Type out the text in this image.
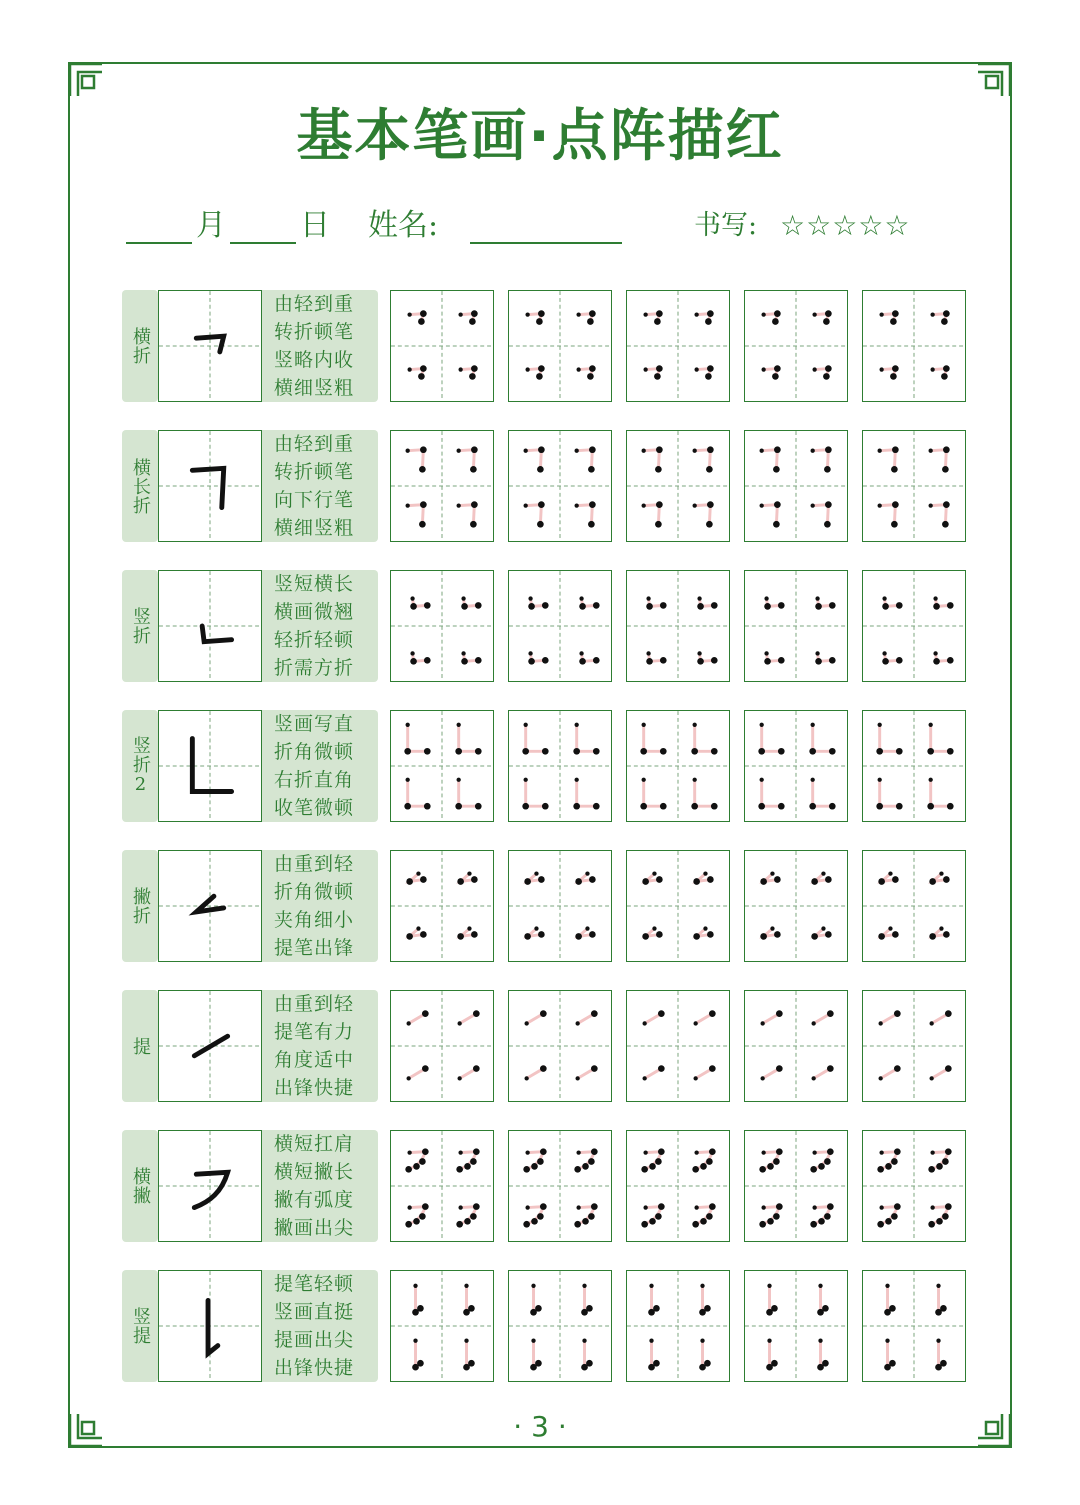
基本笔画·点阵描红
月 日 姓名:	书写: ☆☆☆☆☆
横折
由轻到重
转折顿笔
竖略内收
横细竖粗
横长折
由轻到重
转折顿笔
向下行笔
横细竖粗
竖折
竖短横长
横画微翘
轻折轻顿
折需方折
竖折2
竖画写直
折角微顿
右折直角
收笔微顿
撇折
由重到轻
折角微顿
夹角细小
提笔出锋
提
由重到轻
提笔有力
角度适中
出锋快捷
横撇
横短扛肩
横短撇长
撇有弧度
撇画出尖
竖提
提笔轻顿
竖画直挺
提画出尖
出锋快捷
· 3 ·
